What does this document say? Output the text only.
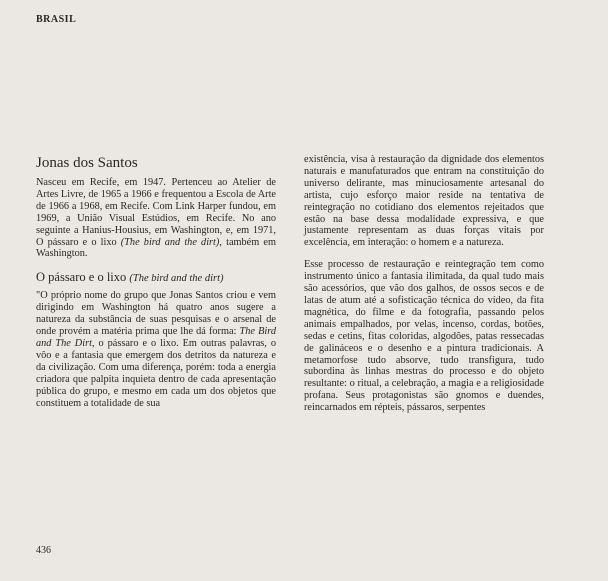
BRASIL
Jonas dos Santos

Nasceu em Recife, em 1947. Pertenceu ao Atelier de Artes Livre, de 1965 a 1966 e frequentou a Escola de Arte de 1966 a 1968, em Recife. Com Link Harper fundou, em 1969, a União Visual Estúdios, em Recife. No ano seguinte a Hanius-Housius, em Washington, e, em 1971, O pássaro e o lixo (The bird and the dirt), também em Washington.

O pássaro e o lixo (The bird and the dirt)

"O próprio nome do grupo que Jonas Santos criou e vem dirigindo em Washington há quatro anos sugere a natureza da substância de suas pesquisas e o arsenal de onde provém a matéria prima que lhe dá forma: The Bird and The Dirt, o pássaro e o lixo. Em outras palavras, o vôo e a fantasia que emergem dos detritos da natureza e da civilização. Com uma diferença, porém: toda a energia criadora que palpita inquieta dentro de cada apresentação pública do grupo, e mesmo em cada um dos objetos que constituem a totalidade de sua

existência, visa à restauração da dignidade dos elementos naturais e manufaturados que entram na constituição do universo delirante, mas minuciosamente artesanal do artista, cujo esforço maior reside na tentativa de reintegração no cotidiano dos elementos rejeitados que estão na base dessa modalidade expressiva, e que justamente representam as duas forças vitais por excelência, em interação: o homem e a natureza.

Esse processo de restauração e reintegração tem como instrumento único a fantasia ilimitada, da qual tudo mais são acessórios, que vão dos galhos, de ossos secos e de latas de atum até a sofisticação técnica do vídeo, da fita magnética, do filme e da fotografia, passando pelos animais empalhados, por velas, incenso, cordas, botões, sedas e cetins, fitas coloridas, algodões, patas ressecadas de galináceos e o desenho e a pintura tradicionais. A metamorfose tudo absorve, tudo transfigura, tudo subordina às linhas mestras do processo e do objeto resultante: o ritual, a celebração, a magia e a religiosidade profana. Seus protagonistas são gnomos e duendes, reincarnados em répteis, pássaros, serpentes

436
